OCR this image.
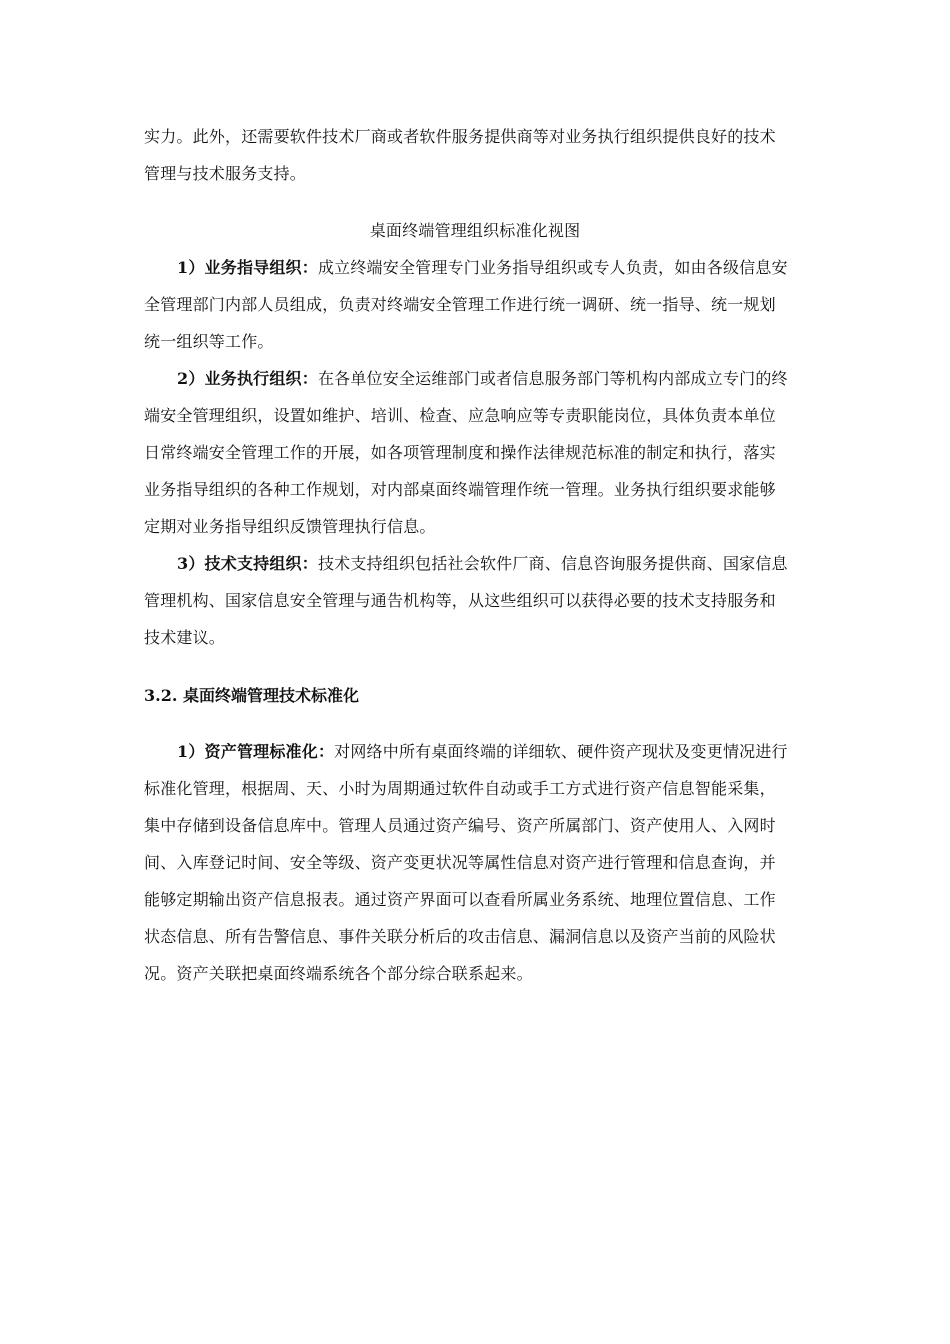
实力。此外，还需要软件技术厂商或者软件服务提供商等对业务执行组织提供良好的技术
管理与技术服务支持。
桌面终端管理组织标准化视图
1）业务指导组织：成立终端安全管理专门业务指导组织或专人负责，如由各级信息安
全管理部门内部人员组成，负责对终端安全管理工作进行统一调研、统一指导、统一规划
统一组织等工作。
2）业务执行组织：在各单位安全运维部门或者信息服务部门等机构内部成立专门的终
端安全管理组织，设置如维护、培训、检查、应急响应等专责职能岗位，具体负责本单位
日常终端安全管理工作的开展，如各项管理制度和操作法律规范标准的制定和执行，落实
业务指导组织的各种工作规划，对内部桌面终端管理作统一管理。业务执行组织要求能够
定期对业务指导组织反馈管理执行信息。
3）技术支持组织：技术支持组织包括社会软件厂商、信息咨询服务提供商、国家信息
管理机构、国家信息安全管理与通告机构等，从这些组织可以获得必要的技术支持服务和
技术建议。
3.2. 桌面终端管理技术标准化
1）资产管理标准化：对网络中所有桌面终端的详细软、硬件资产现状及变更情况进行
标准化管理，根据周、天、小时为周期通过软件自动或手工方式进行资产信息智能采集，
集中存储到设备信息库中。管理人员通过资产编号、资产所属部门、资产使用人、入网时
间、入库登记时间、安全等级、资产变更状况等属性信息对资产进行管理和信息查询，并
能够定期输出资产信息报表。通过资产界面可以查看所属业务系统、地理位置信息、工作
状态信息、所有告警信息、事件关联分析后的攻击信息、漏洞信息以及资产当前的风险状
况。资产关联把桌面终端系统各个部分综合联系起来。
